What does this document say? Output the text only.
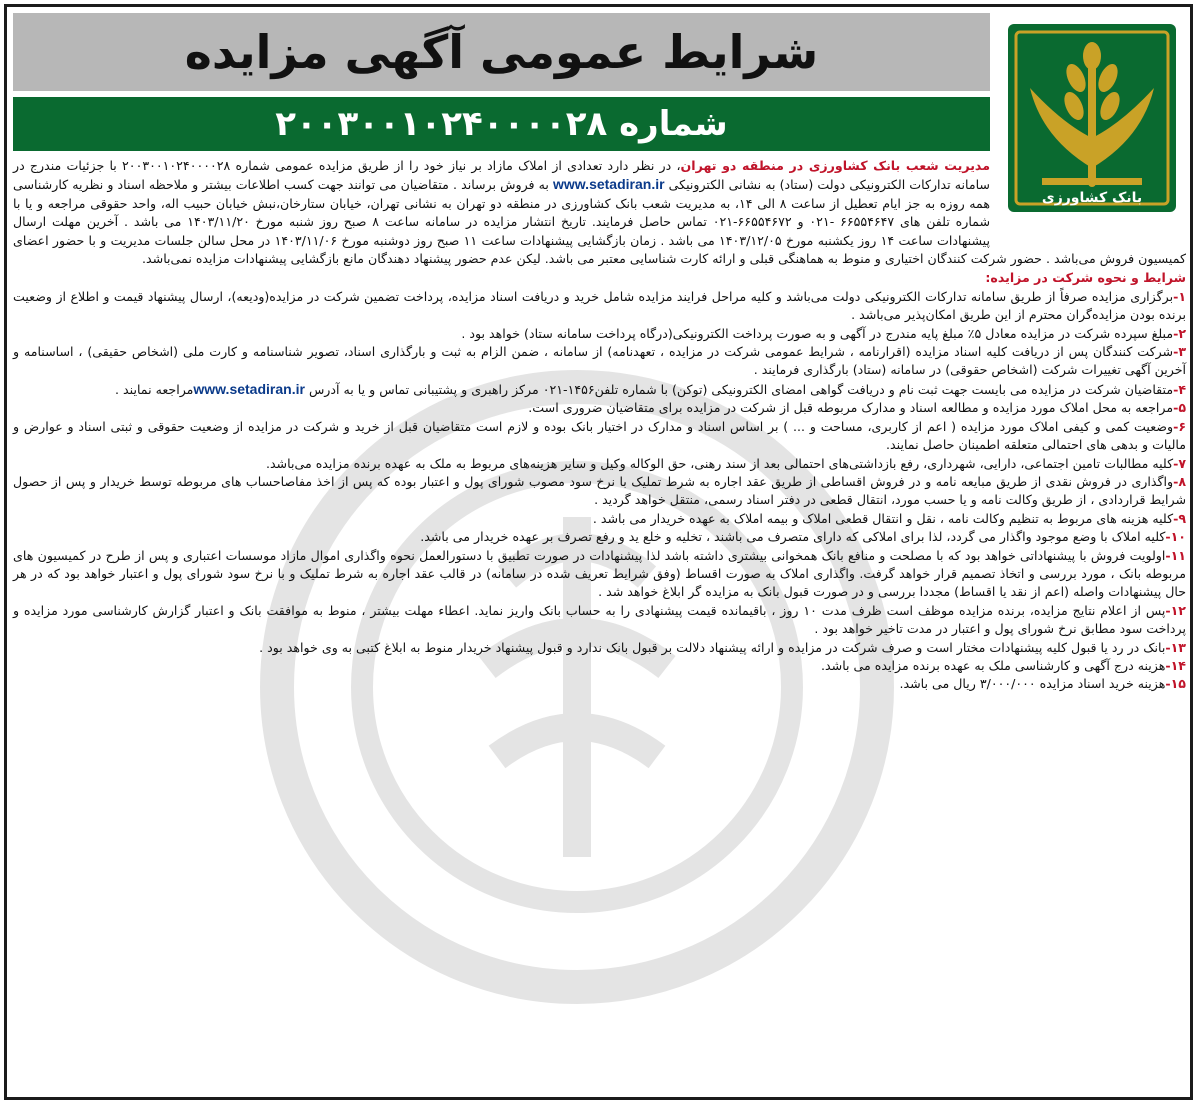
بانک کشاورزی
شرایط عمومی آگهی مزایده
شماره ۲۰۰۳۰۰۱۰۲۴۰۰۰۰۲۸

مدیریت شعب بانک کشاورزی در منطقه دو تهران، در نظر دارد تعدادی از املاک مازاد بر نیاز خود را از طریق مزایده عمومی شماره ۲۰۰۳۰۰۱۰۲۴۰۰۰۰۲۸ با جزئیات مندرج در سامانه تدارکات الکترونیکی دولت (ستاد) به نشانی الکترونیکی www.setadiran.ir به فروش برساند . متقاضیان می توانند جهت کسب اطلاعات بیشتر و ملاحظه اسناد و نظریه کارشناسی همه روزه به جز ایام تعطیل از ساعت ۸ الی ۱۴، به مدیریت شعب بانک کشاورزی در منطقه دو تهران به نشانی تهران، خیابان ستارخان،نبش خیابان حبیب اله، واحد حقوقی مراجعه و یا با شماره تلفن های ۶۶۵۵۴۶۴۷ -۰۲۱ و ۶۶۵۵۴۶۷۲-۰۲۱ تماس حاصل فرمایند. تاریخ انتشار مزایده در سامانه ساعت ۸ صبح روز شنبه مورخ ۱۴۰۳/۱۱/۲۰ می باشد . آخرین مهلت ارسال پیشنهادات ساعت ۱۴ روز یکشنبه مورخ ۱۴۰۳/۱۲/۰۵ می باشد . زمان بازگشایی پیشنهادات ساعت ۱۱ صبح روز دوشنبه مورخ ۱۴۰۳/۱۱/۰۶ در محل سالن جلسات مدیریت و با حضور اعضای کمیسیون فروش می‌باشد . حضور شرکت کنندگان اختیاری و منوط به هماهنگی قبلی و ارائه کارت شناسایی معتبر می باشد. لیکن عدم حضور پیشنهاد دهندگان مانع بازگشایی پیشنهادات مزایده نمی‌باشد.

شرایط و نحوه شرکت در مزایده:

۱-برگزاری مزایده صرفاً از طریق سامانه تدارکات الکترونیکی دولت می‌باشد و کلیه مراحل فرایند مزایده شامل خرید و دریافت اسناد مزایده، پرداخت تضمین شرکت در مزایده(ودیعه)، ارسال پیشنهاد قیمت و اطلاع از وضعیت برنده بودن مزایده‌گران محترم از این طریق امکان‌پذیر می‌باشد .

۲-مبلغ سپرده شرکت در مزایده معادل ۵٪ مبلغ پایه مندرج در آگهی و به صورت پرداخت الکترونیکی(درگاه پرداخت سامانه ستاد) خواهد بود .

۳-شرکت کنندگان پس از دریافت کلیه اسناد مزایده (اقرارنامه ، شرایط عمومی شرکت در مزایده ، تعهدنامه) از سامانه ، ضمن الزام به ثبت و بارگذاری اسناد، تصویر شناسنامه و کارت ملی (اشخاص حقیقی) ، اساسنامه و آخرین آگهی تغییرات شرکت (اشخاص حقوقی) در سامانه (ستاد) بارگذاری فرمایند .

۴-متقاضیان شرکت در مزایده می بایست جهت ثبت نام و دریافت گواهی امضای الکترونیکی (توکن) با شماره تلفن۱۴۵۶-۰۲۱ مرکز راهبری و پشتیبانی تماس و یا به آدرس www.setadiran.irمراجعه نمایند .

۵-مراجعه به محل املاک مورد مزایده و مطالعه اسناد و مدارک مربوطه قبل از شرکت در مزایده برای متقاضیان ضروری است.

۶-وضعیت کمی و کیفی املاک مورد مزایده ( اعم از کاربری، مساحت و ... ) بر اساس اسناد و مدارک در اختیار بانک بوده و لازم است متقاضیان قبل از خرید و شرکت در مزایده از وضعیت حقوقی و ثبتی اسناد و عوارض و مالیات و بدهی های احتمالی متعلقه اطمینان حاصل نمایند.

۷-کلیه مطالبات تامین اجتماعی، دارایی، شهرداری، رفع بازداشتی‌های احتمالی بعد از سند رهنی، حق الوکاله وکیل و سایر هزینه‌های مربوط به ملک به عهده برنده مزایده می‌باشد.

۸-واگذاری در فروش نقدی از طریق مبایعه نامه و در فروش اقساطی از طریق عقد اجاره به شرط تملیک با نرخ سود مصوب شورای پول و اعتبار بوده که پس از اخذ مفاصاحساب های مربوطه توسط خریدار و پس از حصول شرایط قراردادی ، از طریق وکالت نامه و یا حسب مورد، انتقال قطعی در دفتر اسناد رسمی، منتقل خواهد گردید .

۹-کلیه هزینه های مربوط به تنظیم وکالت نامه ، نقل و انتقال قطعی املاک و بیمه املاک به عهده خریدار می باشد .

۱۰-کلیه املاک با وضع موجود واگذار می گردد، لذا برای املاکی که دارای متصرف می باشند ، تخلیه و خلع ید و رفع تصرف بر عهده خریدار می باشد.

۱۱-اولویت فروش با پیشنهاداتی خواهد بود که با مصلحت و منافع بانک همخوانی بیشتری داشته باشد لذا پیشنهادات در صورت تطبیق با دستورالعمل نحوه واگذاری اموال مازاد موسسات اعتباری و پس از طرح در کمیسیون های مربوطه بانک ، مورد بررسی و اتخاذ تصمیم قرار خواهد گرفت. واگذاری املاک به صورت اقساط (وفق شرایط تعریف شده در سامانه) در قالب عقد اجاره به شرط تملیک و با نرخ سود شورای پول و اعتبار خواهد بود که در هر حال پیشنهادات واصله (اعم از نقد یا اقساط) مجددا بررسی و در صورت قبول بانک به مزایده گر ابلاغ خواهد شد .

۱۲-پس از اعلام نتایج مزایده، برنده مزایده موظف است ظرف مدت ۱۰ روز ، باقیمانده قیمت پیشنهادی را به حساب بانک واریز نماید. اعطاء مهلت بیشتر ، منوط به موافقت بانک و اعتبار گزارش کارشناسی مورد مزایده و پرداخت سود مطابق نرخ شورای پول و اعتبار در مدت تاخیر خواهد بود .

۱۳-بانک در رد یا قبول کلیه پیشنهادات مختار است و صرف شرکت در مزایده و ارائه پیشنهاد دلالت بر قبول بانک ندارد و قبول پیشنهاد خریدار منوط به ابلاغ کتبی به وی خواهد بود .

۱۴-هزینه درج آگهی و کارشناسی ملک به عهده برنده مزایده می باشد.

۱۵-هزینه خرید اسناد مزایده ۳/۰۰۰/۰۰۰ ریال می باشد.
